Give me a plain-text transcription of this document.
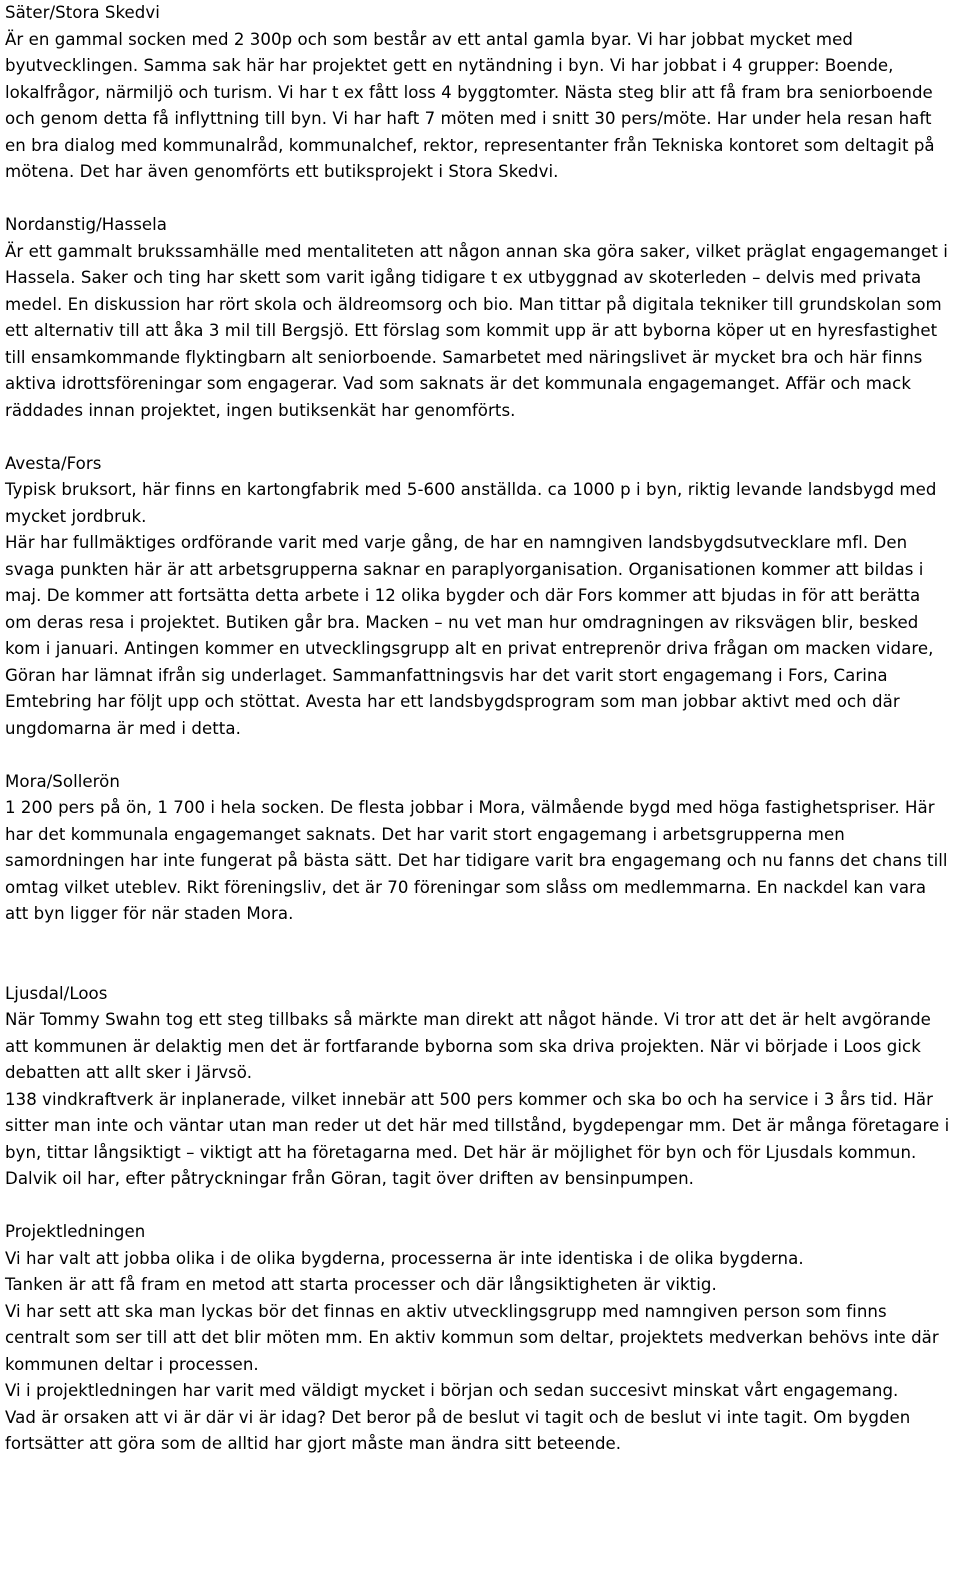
Säter/Stora Skedvi

Är en gammal socken med 2 300p och som består av ett antal gamla byar. Vi har jobbat mycket med byutvecklingen. Samma sak här har projektet gett en nytändning i byn. Vi har jobbat i 4 grupper: Boende, lokalfrågor, närmiljö och turism. Vi har t ex fått loss 4 byggtomter. Nästa steg blir att få fram bra seniorboende och genom detta få inflyttning till byn. Vi har haft 7 möten med i snitt 30 pers/möte. Har under hela resan haft en bra dialog med kommunalråd, kommunalchef, rektor, representanter från Tekniska kontoret som deltagit på mötena. Det har även genomförts ett butiksprojekt i Stora Skedvi.

Nordanstig/Hassela

Är ett gammalt brukssamhälle med mentaliteten att någon annan ska göra saker, vilket präglat engagemanget i Hassela. Saker och ting har skett som varit igång tidigare t ex utbyggnad av skoterleden – delvis med privata medel. En diskussion har rört skola och äldreomsorg och bio. Man tittar på digitala tekniker till grundskolan som ett alternativ till att åka 3 mil till Bergsjö. Ett förslag som kommit upp är att byborna köper ut en hyresfastighet till ensamkommande flyktingbarn alt seniorboende. Samarbetet med näringslivet är mycket bra och här finns aktiva idrottsföreningar som engagerar. Vad som saknats är det kommunala engagemanget. Affär och mack räddades innan projektet, ingen butiksenkät har genomförts.

Avesta/Fors

Typisk bruksort, här finns en kartongfabrik med 5-600 anställda. ca 1000 p i byn, riktig levande landsbygd med mycket jordbruk.

Här har fullmäktiges ordförande varit med varje gång, de har en namngiven landsbygdsutvecklare mfl. Den svaga punkten här är att arbetsgrupperna saknar en paraplyorganisation. Organisationen kommer att bildas i maj. De kommer att fortsätta detta arbete i 12 olika bygder och där Fors kommer att bjudas in för att berätta om deras resa i projektet. Butiken går bra. Macken – nu vet man hur omdragningen av riksvägen blir, besked kom i januari. Antingen kommer en utvecklingsgrupp alt en privat entreprenör driva frågan om macken vidare, Göran har lämnat ifrån sig underlaget. Sammanfattningsvis har det varit stort engagemang i Fors, Carina Emtebring har följt upp och stöttat. Avesta har ett landsbygdsprogram som man jobbar aktivt med och där ungdomarna är med i detta.

Mora/Sollerön

1 200 pers på ön, 1 700 i hela socken. De flesta jobbar i Mora, välmående bygd med höga fastighetspriser. Här har det kommunala engagemanget saknats. Det har varit stort engagemang i arbetsgrupperna men samordningen har inte fungerat på bästa sätt. Det har tidigare varit bra engagemang och nu fanns det chans till omtag vilket uteblev. Rikt föreningsliv, det är 70 föreningar som slåss om medlemmarna. En nackdel kan vara att byn ligger för när staden Mora.

Ljusdal/Loos

När Tommy Swahn tog ett steg tillbaks så märkte man direkt att något hände. Vi tror att det är helt avgörande att kommunen är delaktig men det är fortfarande byborna som ska driva projekten. När vi började i Loos gick debatten att allt sker i Järvsö.

138 vindkraftverk är inplanerade, vilket innebär att 500 pers kommer och ska bo och ha service i 3 års tid. Här sitter man inte och väntar utan man reder ut det här med tillstånd, bygdepengar mm. Det är många företagare i byn, tittar långsiktigt – viktigt att ha företagarna med. Det här är möjlighet för byn och för Ljusdals kommun.

Dalvik oil har, efter påtryckningar från Göran, tagit över driften av bensinpumpen.

Projektledningen

Vi har valt att jobba olika i de olika bygderna, processerna är inte identiska i de olika bygderna.

Tanken är att få fram en metod att starta processer och där långsiktigheten är viktig.

Vi har sett att ska man lyckas bör det finnas en aktiv utvecklingsgrupp med namngiven person som finns centralt som ser till att det blir möten mm. En aktiv kommun som deltar, projektets medverkan behövs inte där kommunen deltar i processen.

Vi i projektledningen har varit med väldigt mycket i början och sedan succesivt minskat vårt engagemang.

Vad är orsaken att vi är där vi är idag? Det beror på de beslut vi tagit och de beslut vi inte tagit. Om bygden fortsätter att göra som de alltid har gjort måste man ändra sitt beteende.
